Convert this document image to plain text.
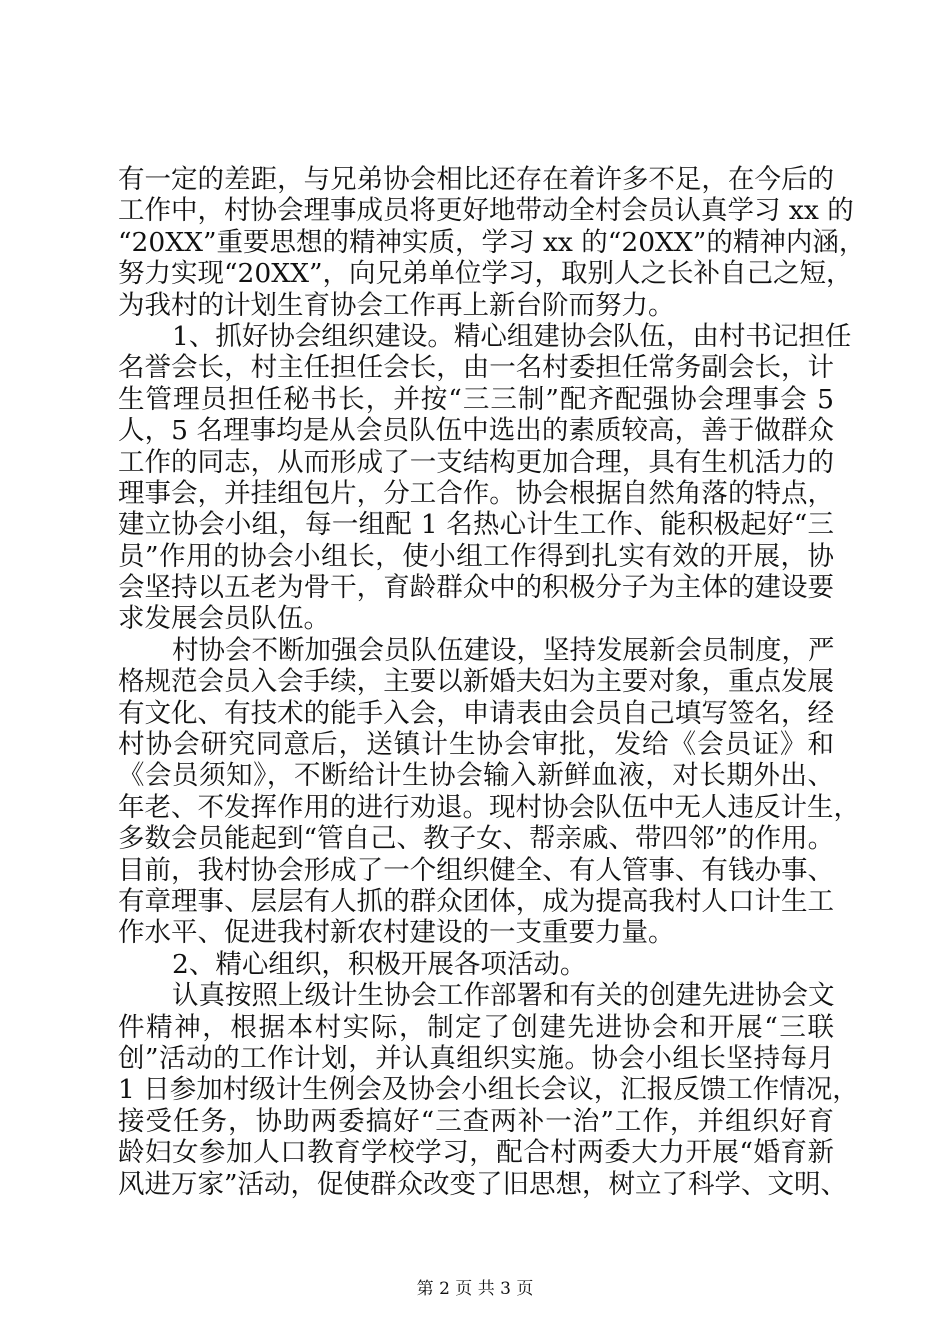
有一定的差距，与兄弟协会相比还存在着许多不足，在今后的
工作中，村协会理事成员将更好地带动全村会员认真学习 xx 的
“20XX”重要思想的精神实质，学习 xx 的“20XX”的精神内涵，
努力实现“20XX”，向兄弟单位学习，取别人之长补自己之短，
为我村的计划生育协会工作再上新台阶而努力。
1、抓好协会组织建设。精心组建协会队伍，由村书记担任
名誉会长，村主任担任会长，由一名村委担任常务副会长，计
生管理员担任秘书长，并按“三三制”配齐配强协会理事会 5
人，5 名理事均是从会员队伍中选出的素质较高，善于做群众
工作的同志，从而形成了一支结构更加合理，具有生机活力的
理事会，并挂组包片，分工合作。协会根据自然角落的特点，
建立协会小组，每一组配 1 名热心计生工作、能积极起好“三
员”作用的协会小组长，使小组工作得到扎实有效的开展，协
会坚持以五老为骨干，育龄群众中的积极分子为主体的建设要
求发展会员队伍。
村协会不断加强会员队伍建设，坚持发展新会员制度，严
格规范会员入会手续，主要以新婚夫妇为主要对象，重点发展
有文化、有技术的能手入会，申请表由会员自己填写签名，经
村协会研究同意后，送镇计生协会审批，发给《会员证》和
《会员须知》，不断给计生协会输入新鲜血液，对长期外出、
年老、不发挥作用的进行劝退。现村协会队伍中无人违反计生，
多数会员能起到“管自己、教子女、帮亲戚、带四邻”的作用。
目前，我村协会形成了一个组织健全、有人管事、有钱办事、
有章理事、层层有人抓的群众团体，成为提高我村人口计生工
作水平、促进我村新农村建设的一支重要力量。
2、精心组织，积极开展各项活动。
认真按照上级计生协会工作部署和有关的创建先进协会文
件精神，根据本村实际，制定了创建先进协会和开展“三联
创”活动的工作计划，并认真组织实施。协会小组长坚持每月
1 日参加村级计生例会及协会小组长会议，汇报反馈工作情况，
接受任务，协助两委搞好“三查两补一治”工作，并组织好育
龄妇女参加人口教育学校学习，配合村两委大力开展“婚育新
风进万家”活动，促使群众改变了旧思想，树立了科学、文明、
第 2 页 共 3 页
